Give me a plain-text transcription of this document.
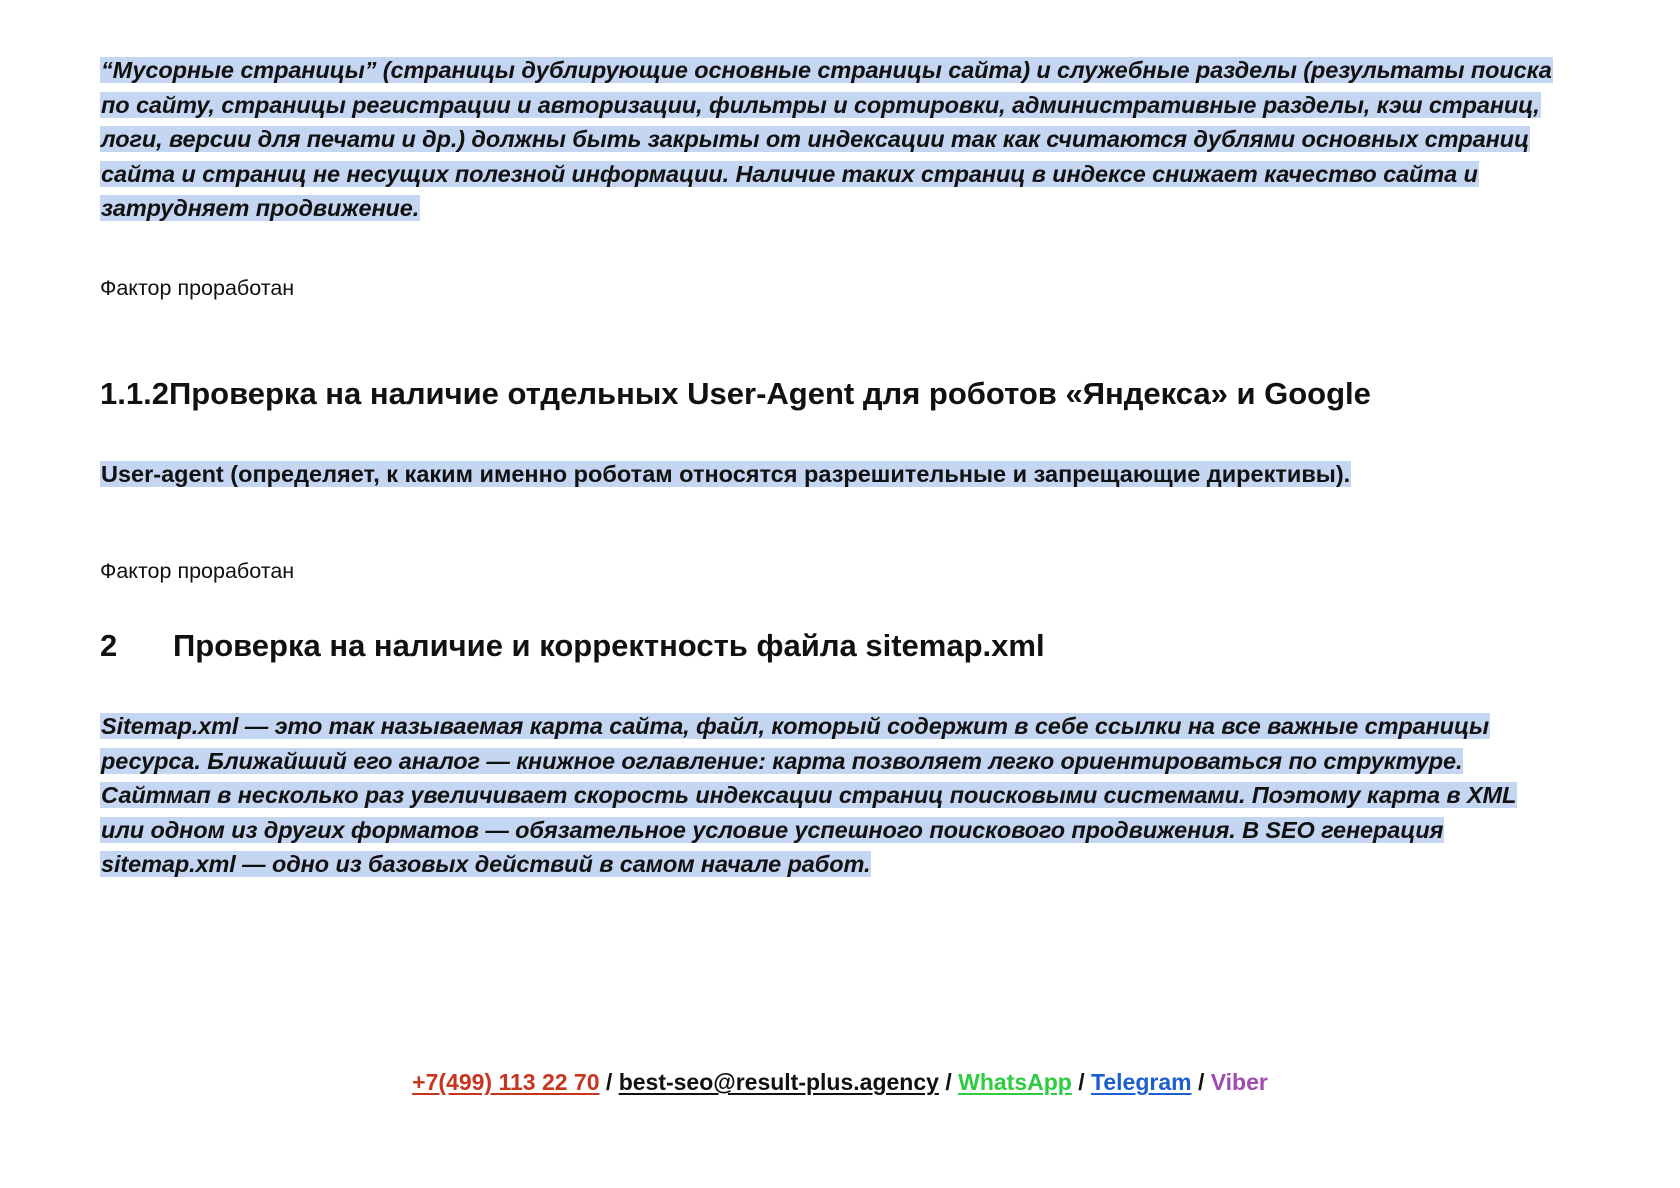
“Мусорные страницы” (страницы дублирующие основные страницы сайта) и служебные разделы (результаты поиска по сайту, страницы регистрации и авторизации, фильтры и сортировки, административные разделы, кэш страниц, логи, версии для печати и др.) должны быть закрыты от индексации так как считаются дублями основных страниц сайта и страниц не несущих полезной информации. Наличие таких страниц в индексе снижает качество сайта и затрудняет продвижение.
Фактор проработан
1.1.2Проверка на наличие отдельных User-Agent для роботов «Яндекса» и Google
User-agent (определяет, к каким именно роботам относятся разрешительные и запрещающие директивы).
Фактор проработан
2 Проверка на наличие и корректность файла sitemap.xml
Sitemap.xml — это так называемая карта сайта, файл, который содержит в себе ссылки на все важные страницы ресурса. Ближайший его аналог — книжное оглавление: карта позволяет легко ориентироваться по структуре. Сайтмап в несколько раз увеличивает скорость индексации страниц поисковыми системами. Поэтому карта в XML или одном из других форматов — обязательное условие успешного поискового продвижения. В SEO генерация sitemap.xml — одно из базовых действий в самом начале работ.
+7(499) 113 22 70 / best-seo@result-plus.agency / WhatsApp / Telegram / Viber
